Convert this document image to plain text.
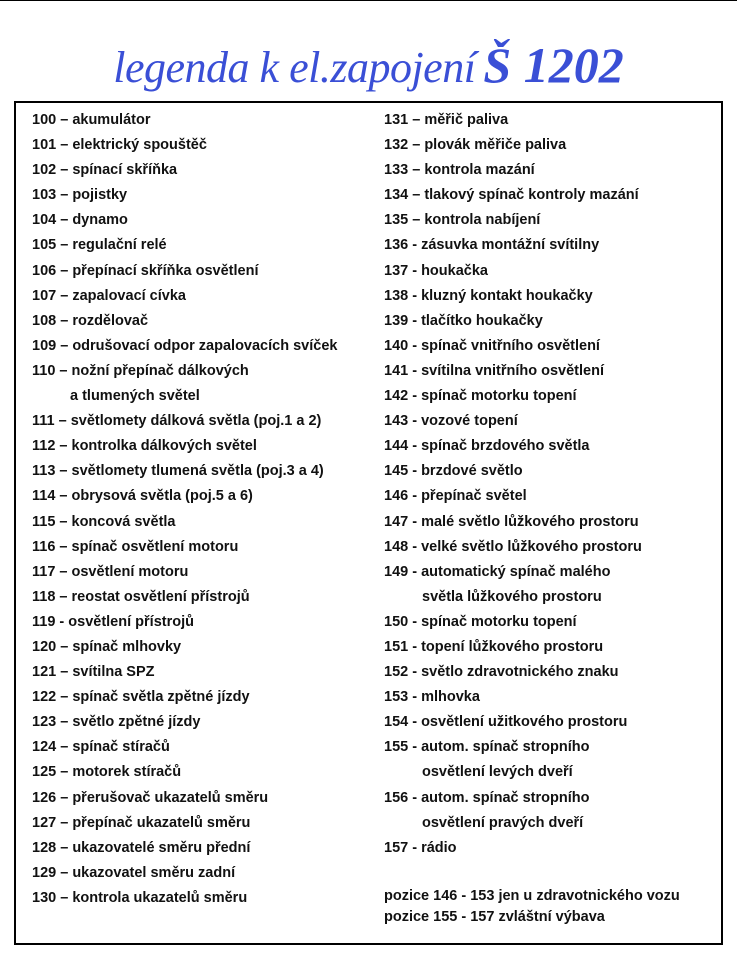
legenda k el.zapojení Š 1202
100 – akumulátor
101 – elektrický spouštěč
102 – spínací skříňka
103 – pojistky
104 – dynamo
105 – regulační relé
106 – přepínací skříňka osvětlení
107 – zapalovací cívka
108 – rozdělovač
109 – odrušovací odpor zapalovacích svíček
110 – nožní přepínač dálkových
a tlumených světel
111 – světlomety dálková světla (poj.1 a 2)
112 – kontrolka dálkových světel
113 – světlomety tlumená světla (poj.3 a 4)
114 – obrysová světla (poj.5 a 6)
115 – koncová světla
116 – spínač osvětlení motoru
117 – osvětlení motoru
118 – reostat osvětlení přístrojů
119 - osvětlení přístrojů
120 – spínač mlhovky
121 – svítilna SPZ
122 – spínač světla zpětné jízdy
123 – světlo zpětné jízdy
124 – spínač stíračů
125 – motorek stíračů
126 – přerušovač ukazatelů směru
127 – přepínač ukazatelů směru
128 – ukazovatelé směru přední
129 – ukazovatel směru zadní
130 – kontrola ukazatelů směru
131 – měřič paliva
132 – plovák měřiče paliva
133 – kontrola mazání
134 – tlakový spínač kontroly mazání
135 – kontrola nabíjení
136 - zásuvka montážní svítilny
137 - houkačka
138 - kluzný kontakt houkačky
139 - tlačítko houkačky
140 - spínač vnitřního osvětlení
141 - svítilna vnitřního osvětlení
142 - spínač motorku topení
143 - vozové topení
144 - spínač brzdového světla
145 - brzdové světlo
146 - přepínač světel
147 - malé světlo lůžkového prostoru
148 - velké světlo lůžkového prostoru
149 - automatický spínač malého
světla lůžkového prostoru
150 - spínač motorku topení
151 - topení lůžkového prostoru
152 - světlo zdravotnického znaku
153 - mlhovka
154 - osvětlení užitkového prostoru
155 - autom. spínač stropního
osvětlení levých dveří
156 - autom. spínač stropního
osvětlení pravých dveří
157 - rádio
pozice 146 - 153 jen u zdravotnického vozu
pozice 155 - 157 zvláštní výbava
